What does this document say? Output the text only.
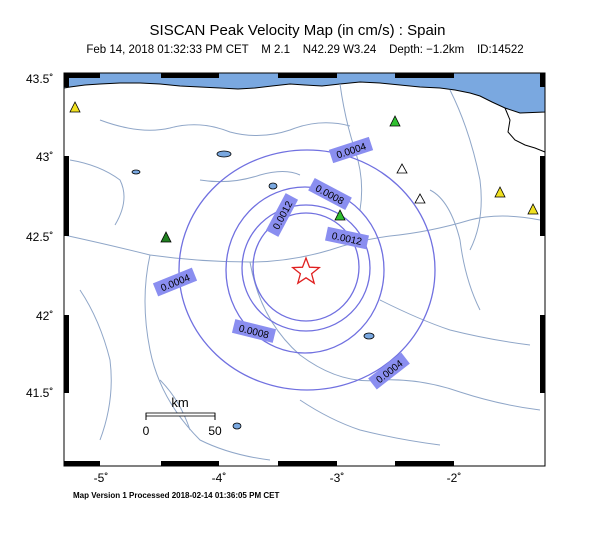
SISCAN Peak Velocity Map (in cm/s) : Spain
Feb 14, 2018 01:32:33 PM CET    M 2.1    N42.29 W3.24    Depth: −1.2km    ID:14522
0.0004
0.0008
0.0012
0.0012
0.0004
0.0008
0.0004
km
0	50
43.5˚
43˚
42.5˚
42˚
41.5˚
-5˚	-4˚	-3˚	-2˚
Map Version 1 Processed 2018-02-14 01:36:05 PM CET
